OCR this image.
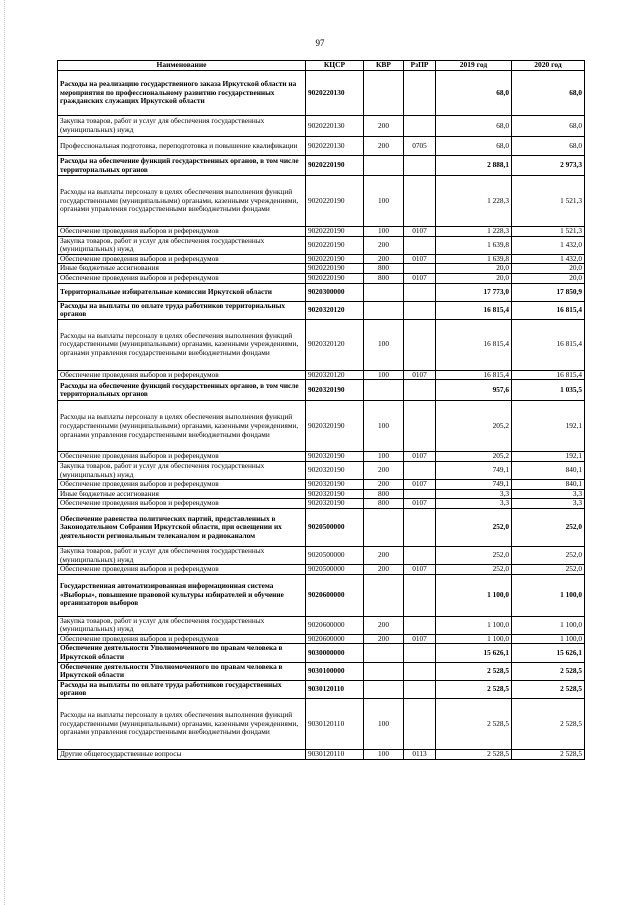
97
Наименование	КЦСР	КВР	РзПР	2019 год	2020 год
Расходы на реализацию государственного заказа Иркутской области на мероприятия по профессиональному развитию государственных гражданских служащих Иркутской области	9020220130			68,0	68,0
Закупка товаров, работ и услуг для обеспечения государственных (муниципальных) нужд	9020220130	200		68,0	68,0
Профессиональная подготовка, переподготовка и повышение квалификации	9020220130	200	0705	68,0	68,0
Расходы на обеспечение функций государственных органов, в том числе территориальных органов	9020220190			2 888,1	2 973,3
Расходы на выплаты персоналу в целях обеспечения выполнения функций государственными (муниципальными) органами, казенными учреждениями, органами управления государственными внебюджетными фондами	9020220190	100		1 228,3	1 521,3
Обеспечение проведения выборов и референдумов	9020220190	100	0107	1 228,3	1 521,3
Закупка товаров, работ и услуг для обеспечения государственных (муниципальных) нужд	9020220190	200		1 639,8	1 432,0
Обеспечение проведения выборов и референдумов	9020220190	200	0107	1 639,8	1 432,0
Иные бюджетные ассигнования	9020220190	800		20,0	20,0
Обеспечение проведения выборов и референдумов	9020220190	800	0107	20,0	20,0
Территориальные избирательные комиссии Иркутской области	9020300000			17 773,0	17 850,9
Расходы на выплаты по оплате труда работников территориальных органов	9020320120			16 815,4	16 815,4
Расходы на выплаты персоналу в целях обеспечения выполнения функций государственными (муниципальными) органами, казенными учреждениями, органами управления государственными внебюджетными фондами	9020320120	100		16 815,4	16 815,4
Обеспечение проведения выборов и референдумов	9020320120	100	0107	16 815,4	16 815,4
Расходы на обеспечение функций государственных органов, в том числе территориальных органов	9020320190			957,6	1 035,5
Расходы на выплаты персоналу в целях обеспечения выполнения функций государственными (муниципальными) органами, казенными учреждениями, органами управления государственными внебюджетными фондами	9020320190	100		205,2	192,1
Обеспечение проведения выборов и референдумов	9020320190	100	0107	205,2	192,1
Закупка товаров, работ и услуг для обеспечения государственных (муниципальных) нужд	9020320190	200		749,1	840,1
Обеспечение проведения выборов и референдумов	9020320190	200	0107	749,1	840,1
Иные бюджетные ассигнования	9020320190	800		3,3	3,3
Обеспечение проведения выборов и референдумов	9020320190	800	0107	3,3	3,3
Обеспечение равенства политических партий, представленных в Законодательном Собрании Иркутской области, при освещении их деятельности региональным телеканалом и радиоканалом	9020500000			252,0	252,0
Закупка товаров, работ и услуг для обеспечения государственных (муниципальных) нужд	9020500000	200		252,0	252,0
Обеспечение проведения выборов и референдумов	9020500000	200	0107	252,0	252,0
Государственная автоматизированная информационная система «Выборы», повышение правовой культуры избирателей и обучение организаторов выборов	9020600000			1 100,0	1 100,0
Закупка товаров, работ и услуг для обеспечения государственных (муниципальных) нужд	9020600000	200		1 100,0	1 100,0
Обеспечение проведения выборов и референдумов	9020600000	200	0107	1 100,0	1 100,0
Обеспечение деятельности Уполномоченного по правам человека в Иркутской области	9030000000			15 626,1	15 626,1
Обеспечение деятельности Уполномоченного по правам человека в Иркутской области	9030100000			2 528,5	2 528,5
Расходы на выплаты по оплате труда работников государственных органов	9030120110			2 528,5	2 528,5
Расходы на выплаты персоналу в целях обеспечения выполнения функций государственными (муниципальными) органами, казенными учреждениями, органами управления государственными внебюджетными фондами	9030120110	100		2 528,5	2 528,5
Другие общегосударственные вопросы	9030120110	100	0113	2 528,5	2 528,5
